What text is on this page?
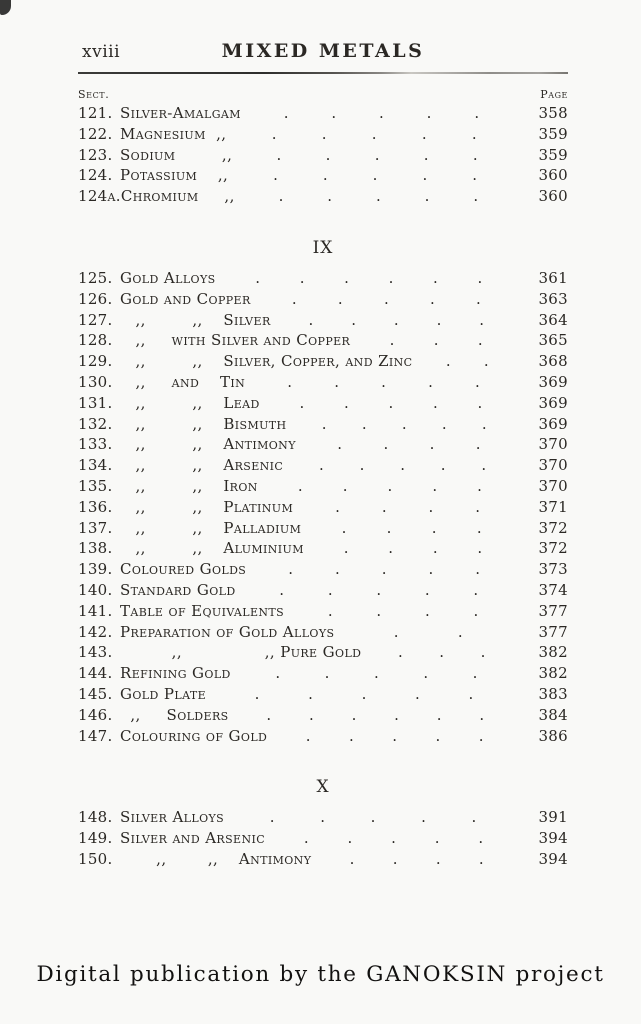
xviii	MIXED METALS
Sect.	Page
121. Silver-Amalgam	.	.	.	.	.	358
122. Magnesium  ,,	.	.	.	.	.	359
123. Sodium         ,,	.	.	.	.	.	359
124. Potassium    ,,	.	.	.	.	.	360
124a. Chromium     ,,	.	.	.	.	.	360
IX
125. Gold Alloys	.	.	.	.	.	.	361
126. Gold and Copper	.	.	.	.	.	363
127. ,,         ,,    Silver	.	.	.	.	.	364
128. ,,     with Silver and Copper	.	.	.	365
129. ,,         ,,    Silver, Copper, and Zinc . .	368
130. ,,     and    Tin	.	.	.	.	.	369
131. ,,         ,,    Lead	.	.	.	.	.	369
132. ,,         ,,    Bismuth . . . . .	369
133. ,,         ,,    Antimony	.	.	.	.	370
134. ,,         ,,    Arsenic . . . . .	370
135. ,,         ,,    Iron	.	.	.	.	.	370
136. ,,         ,,    Platinum	.	.	.	.	371
137. ,,         ,,    Palladium	.	.	.	.	372
138. ,,         ,,    Aluminium	.	.	.	.	372
139. Coloured Golds	.	.	.	.	.	373
140. Standard Gold	.	.	.	.	.	374
141. Table of Equivalents	.	.	.	.	377
142. Preparation of Gold Alloys	.	.	377
143. ,,                ,, Pure Gold . . .	382
144. Refining Gold	.	.	.	.	.	382
145. Gold Plate	.	.	.	.	.	383
146. ,,     Solders	.	.	.	.	.	.	384
147. Colouring of Gold	.	.	.	.	.	386
X
148. Silver Alloys	.	.	.	.	.	391
149. Silver and Arsenic	.	.	.	.	.	394
150. ,,        ,,    Antimony	.	.	.	.	394
Digital publication by the GANOKSIN project
